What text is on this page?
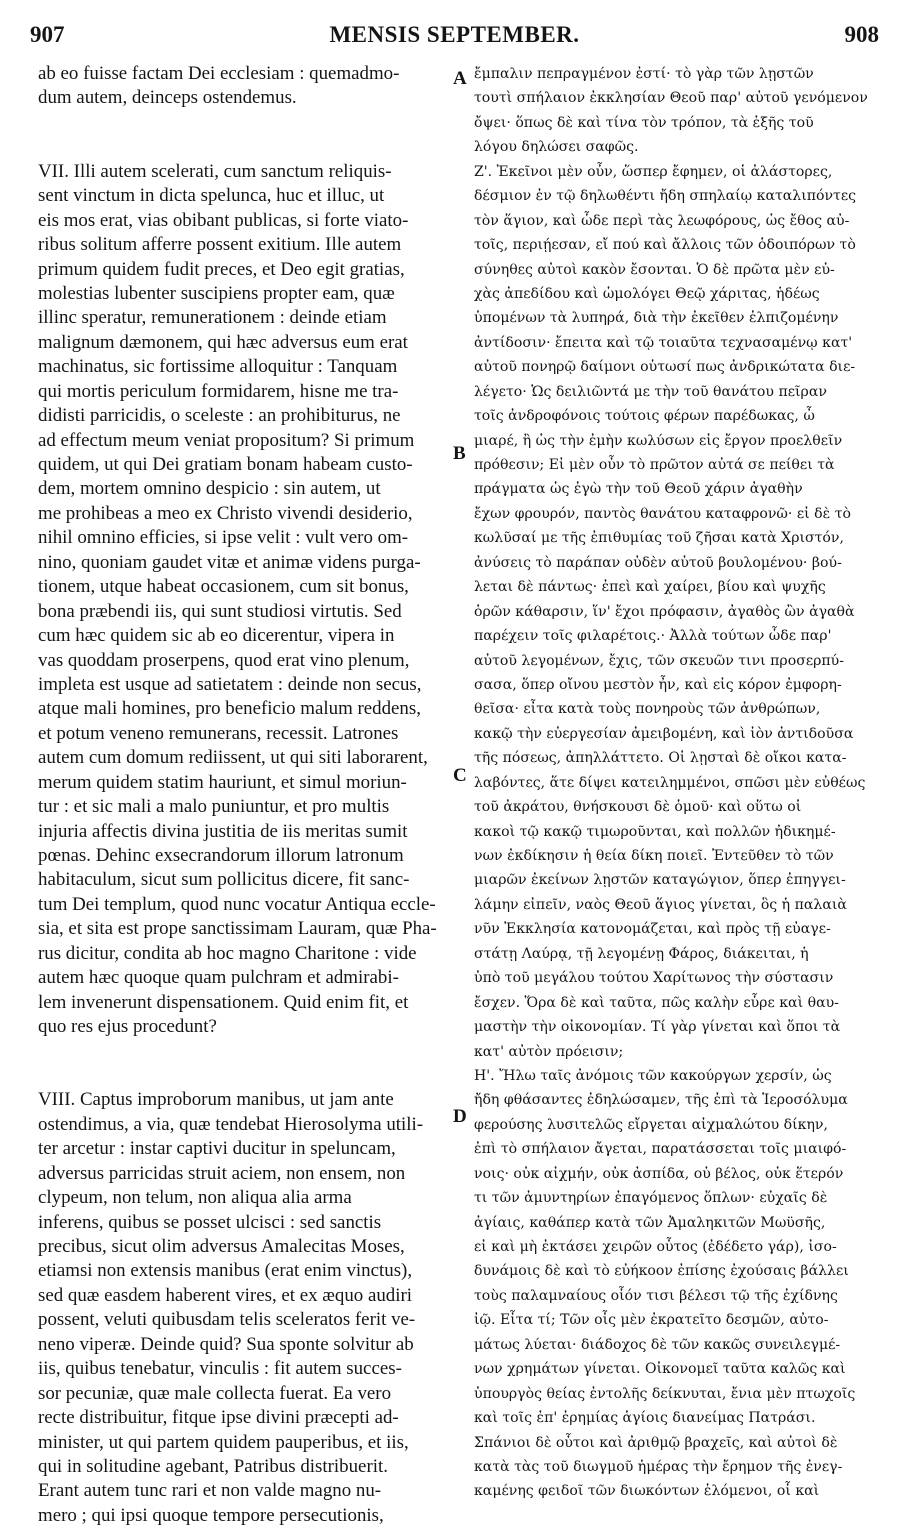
907	MENSIS SEPTEMBER.	908
ab eo fuisse factam Dei ecclesiam : quemadmo-
dum autem, deinceps ostendemus.
VII. Illi autem scelerati, cum sanctum reliquis-
sent vinctum in dicta spelunca, huc et illuc, ut
eis mos erat, vias obibant publicas, si forte viato-
ribus solitum afferre possent exitium. Ille autem
primum quidem fudit preces, et Deo egit gratias,
molestias lubenter suscipiens propter eam, quæ
illinc speratur, remunerationem : deinde etiam
malignum dæmonem, qui hæc adversus eum erat
machinatus, sic fortissime alloquitur : Tanquam
qui mortis periculum formidarem, hisne me tra-
didisti parricidis, o sceleste : an prohibiturus, ne
ad effectum meum veniat propositum? Si primum
quidem, ut qui Dei gratiam bonam habeam custo-
dem, mortem omnino despicio : sin autem, ut
me prohibeas a meo ex Christo vivendi desiderio,
nihil omnino efficies, si ipse velit : vult vero om-
nino, quoniam gaudet vitæ et animæ videns purga-
tionem, utque habeat occasionem, cum sit bonus,
bona præbendi iis, qui sunt studiosi virtutis. Sed
cum hæc quidem sic ab eo dicerentur, vipera in
vas quoddam proserpens, quod erat vino plenum,
impleta est usque ad satietatem : deinde non secus,
atque mali homines, pro beneficio malum reddens,
et potum veneno remunerans, recessit. Latrones
autem cum domum rediissent, ut qui siti laborarent,
merum quidem statim hauriunt, et simul moriun-
tur : et sic mali a malo puniuntur, et pro multis
injuria affectis divina justitia de iis meritas sumit
pœnas. Dehinc exsecrandorum illorum latronum
habitaculum, sicut sum pollicitus dicere, fit sanc-
tum Dei templum, quod nunc vocatur Antiqua eccle-
sia, et sita est prope sanctissimam Lauram, quæ Pha-
rus dicitur, condita ab hoc magno Charitone : vide
autem hæc quoque quam pulchram et admirabi-
lem invenerunt dispensationem. Quid enim fit, et
quo res ejus procedunt?
VIII. Captus improborum manibus, ut jam ante
ostendimus, a via, quæ tendebat Hierosolyma utili-
ter arcetur : instar captivi ducitur in speluncam,
adversus parricidas struit aciem, non ensem, non
clypeum, non telum, non aliqua alia arma
inferens, quibus se posset ulcisci : sed sanctis
precibus, sicut olim adversus Amalecitas Moses,
etiamsi non extensis manibus (erat enim vinctus),
sed quæ easdem haberent vires, et ex æquo audiri
possent, veluti quibusdam telis sceleratos ferit ve-
neno viperæ. Deinde quid? Sua sponte solvitur ab
iis, quibus tenebatur, vinculis : fit autem succes-
sor pecuniæ, quæ male collecta fuerat. Ea vero
recte distribuitur, fitque ipse divini præcepti ad-
minister, ut qui partem quidem pauperibus, et iis,
qui in solitudine agebant, Patribus distribuerit.
Erant autem tunc rari et non valde magno nu-
mero ; qui ipsi quoque tempore persecutionis,
A
B
C
D
ἔμπαλιν πεπραγμένον ἐστί· τὸ γὰρ τῶν λῃστῶν
τουτὶ σπήλαιον ἐκκλησίαν Θεοῦ παρ' αὐτοῦ γενόμενον
ὄψει· ὅπως δὲ καὶ τίνα τὸν τρόπον, τὰ ἑξῆς τοῦ
λόγου δηλώσει σαφῶς.
Ζ'. Ἐκεῖνοι μὲν οὖν, ὥσπερ ἔφημεν, οἱ ἀλάστορες,
δέσμιον ἐν τῷ δηλωθέντι ἤδη σπηλαίῳ καταλιπόντες
τὸν ἅγιον, καὶ ὧδε περὶ τὰς λεωφόρους, ὡς ἔθος αὐ-
τοῖς, περιῄεσαν, εἴ πού καὶ ἄλλοις τῶν ὁδοιπόρων τὸ
σύνηθες αὐτοὶ κακὸν ἔσονται. Ὁ δὲ πρῶτα μὲν εὐ-
χὰς ἀπεδίδου καὶ ὡμολόγει Θεῷ χάριτας, ἡδέως
ὑπομένων τὰ λυπηρά, διὰ τὴν ἐκεῖθεν ἐλπιζομένην
ἀντίδοσιν· ἔπειτα καὶ τῷ τοιαῦτα τεχνασαμένῳ κατ'
αὐτοῦ πονηρῷ δαίμονι οὑτωσί πως ἀνδρικώτατα διε-
λέγετο· Ὡς δειλιῶντά με τὴν τοῦ θανάτου πεῖραν
τοῖς ἀνδροφόνοις τούτοις φέρων παρέδωκας, ὦ
μιαρέ, ἢ ὡς τὴν ἐμὴν κωλύσων εἰς ἔργον προελθεῖν
πρόθεσιν; Εἰ μὲν οὖν τὸ πρῶτον αὐτά σε πείθει τὰ
πράγματα ὡς ἐγὼ τὴν τοῦ Θεοῦ χάριν ἀγαθὴν
ἔχων φρουρόν, παντὸς θανάτου καταφρονῶ· εἰ δὲ τὸ
κωλῦσαί με τῆς ἐπιθυμίας τοῦ ζῆσαι κατὰ Χριστόν,
ἀνύσεις τὸ παράπαν οὐδὲν αὐτοῦ βουλομένου· βού-
λεται δὲ πάντως· ἐπεὶ καὶ χαίρει, βίου καὶ ψυχῆς
ὁρῶν κάθαρσιν, ἵν' ἔχοι πρόφασιν, ἀγαθὸς ὢν ἀγαθὰ
παρέχειν τοῖς φιλαρέτοις.· Ἀλλὰ τούτων ὧδε παρ'
αὐτοῦ λεγομένων, ἔχις, τῶν σκευῶν τινι προσερπύ-
σασα, ὅπερ οἴνου μεστὸν ἦν, καὶ εἰς κόρον ἐμφορη-
θεῖσα· εἶτα κατὰ τοὺς πονηροὺς τῶν ἀνθρώπων,
κακῷ τὴν εὐεργεσίαν ἀμειβομένη, καὶ ἰὸν ἀντιδοῦσα
τῆς πόσεως, ἀπηλλάττετο. Οἱ λῃσταὶ δὲ οἴκοι κατα-
λαβόντες, ἅτε δίψει κατειλημμένοι, σπῶσι μὲν εὐθέως
τοῦ ἀκράτου, θνήσκουσι δὲ ὁμοῦ· καὶ οὕτω οἱ
κακοὶ τῷ κακῷ τιμωροῦνται, καὶ πολλῶν ἠδικημέ-
νων ἐκδίκησιν ἡ θεία δίκη ποιεῖ. Ἐντεῦθεν τὸ τῶν
μιαρῶν ἐκείνων λῃστῶν καταγώγιον, ὅπερ ἐπηγγει-
λάμην εἰπεῖν, ναὸς Θεοῦ ἅγιος γίνεται, ὃς ἡ παλαιὰ
νῦν Ἐκκλησία κατονομάζεται, καὶ πρὸς τῇ εὐαγε-
στάτῃ Λαύρᾳ, τῇ λεγομένῃ Φάρος, διάκειται, ἡ
ὑπὸ τοῦ μεγάλου τούτου Χαρίτωνος τὴν σύστασιν
ἔσχεν. Ὅρα δὲ καὶ ταῦτα, πῶς καλὴν εὗρε καὶ θαυ-
μαστὴν τὴν οἰκονομίαν. Τί γὰρ γίνεται καὶ ὅποι τὰ
κατ' αὐτὸν πρόεισιν;
Η'. Ἤλω ταῖς ἀνόμοις τῶν κακούργων χερσίν, ὡς
ἤδη φθάσαντες ἐδηλώσαμεν, τῆς ἐπὶ τὰ Ἱεροσόλυμα
φερούσης λυσιτελῶς εἴργεται αἰχμαλώτου δίκην,
ἐπὶ τὸ σπήλαιον ἄγεται, παρατάσσεται τοῖς μιαιφό-
νοις· οὐκ αἰχμήν, οὐκ ἀσπίδα, οὐ βέλος, οὐκ ἕτερόν
τι τῶν ἀμυντηρίων ἐπαγόμενος ὅπλων· εὐχαῖς δὲ
ἁγίαις, καθάπερ κατὰ τῶν Ἀμαληκιτῶν Μωϋσῆς,
εἰ καὶ μὴ ἐκτάσει χειρῶν οὗτος (ἐδέδετο γάρ), ἰσο-
δυνάμοις δὲ καὶ τὸ εὐήκοον ἐπίσης ἐχούσαις βάλλει
τοὺς παλαμναίους οἷόν τισι βέλεσι τῷ τῆς ἐχίδνης
ἰῷ. Εἶτα τί; Τῶν οἷς μὲν ἐκρατεῖτο δεσμῶν, αὐτο-
μάτως λύεται· διάδοχος δὲ τῶν κακῶς συνειλεγμέ-
νων χρημάτων γίνεται. Οἰκονομεῖ ταῦτα καλῶς καὶ
ὑπουργὸς θείας ἐντολῆς δείκνυται, ἔνια μὲν πτωχοῖς
καὶ τοῖς ἐπ' ἐρημίας ἁγίοις διανείμας Πατράσι.
Σπάνιοι δὲ οὗτοι καὶ ἀριθμῷ βραχεῖς, καὶ αὐτοὶ δὲ
κατὰ τὰς τοῦ διωγμοῦ ἡμέρας τὴν ἔρημον τῆς ἐνεγ-
καμένης φειδοῖ τῶν διωκόντων ἑλόμενοι, οἷ καὶ
